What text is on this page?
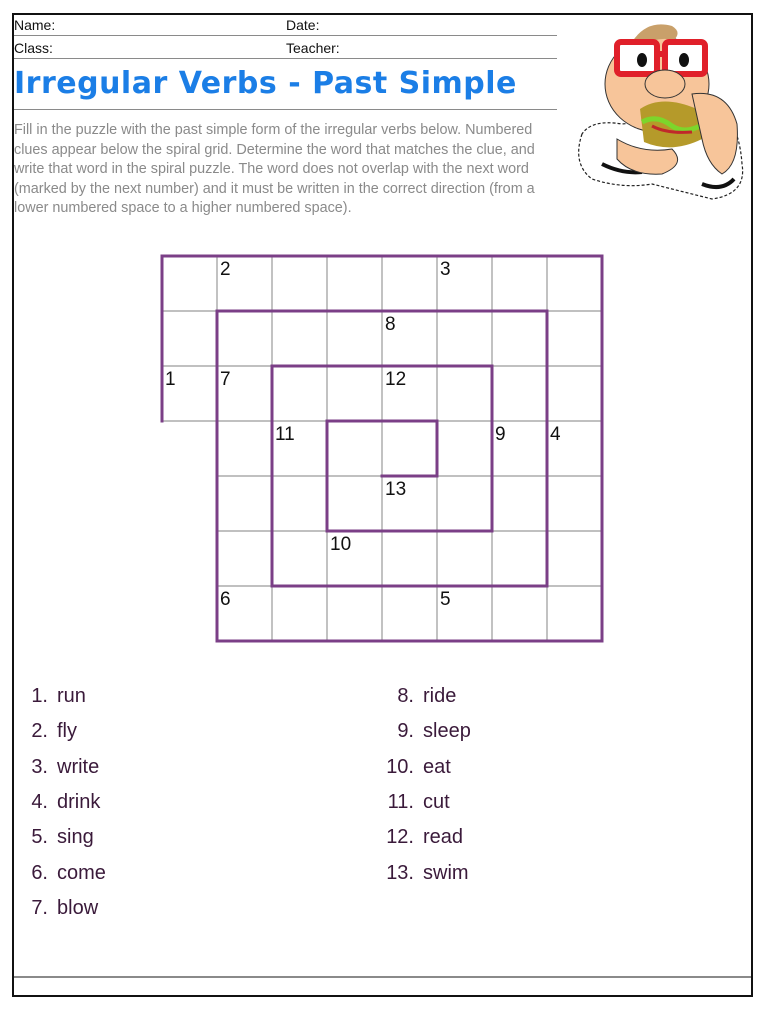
Name:	Date:
Class:	Teacher:
Irregular Verbs - Past Simple
Fill in the puzzle with the past simple form of the irregular verbs below. Numbered clues appear below the spiral grid. Determine the word that matches the clue, and write that word in the spiral puzzle. The word does not overlap with the next word (marked by the next number) and it must be written in the correct direction (from a lower numbered space to a higher numbered space).
1
2	3
4
5
6
7
8
9
10
11
12
13
1. run
2. fly
3. write
4. drink
5. sing
6. come
7. blow
8. ride
9. sleep
10. eat
11. cut
12. read
13. swim
